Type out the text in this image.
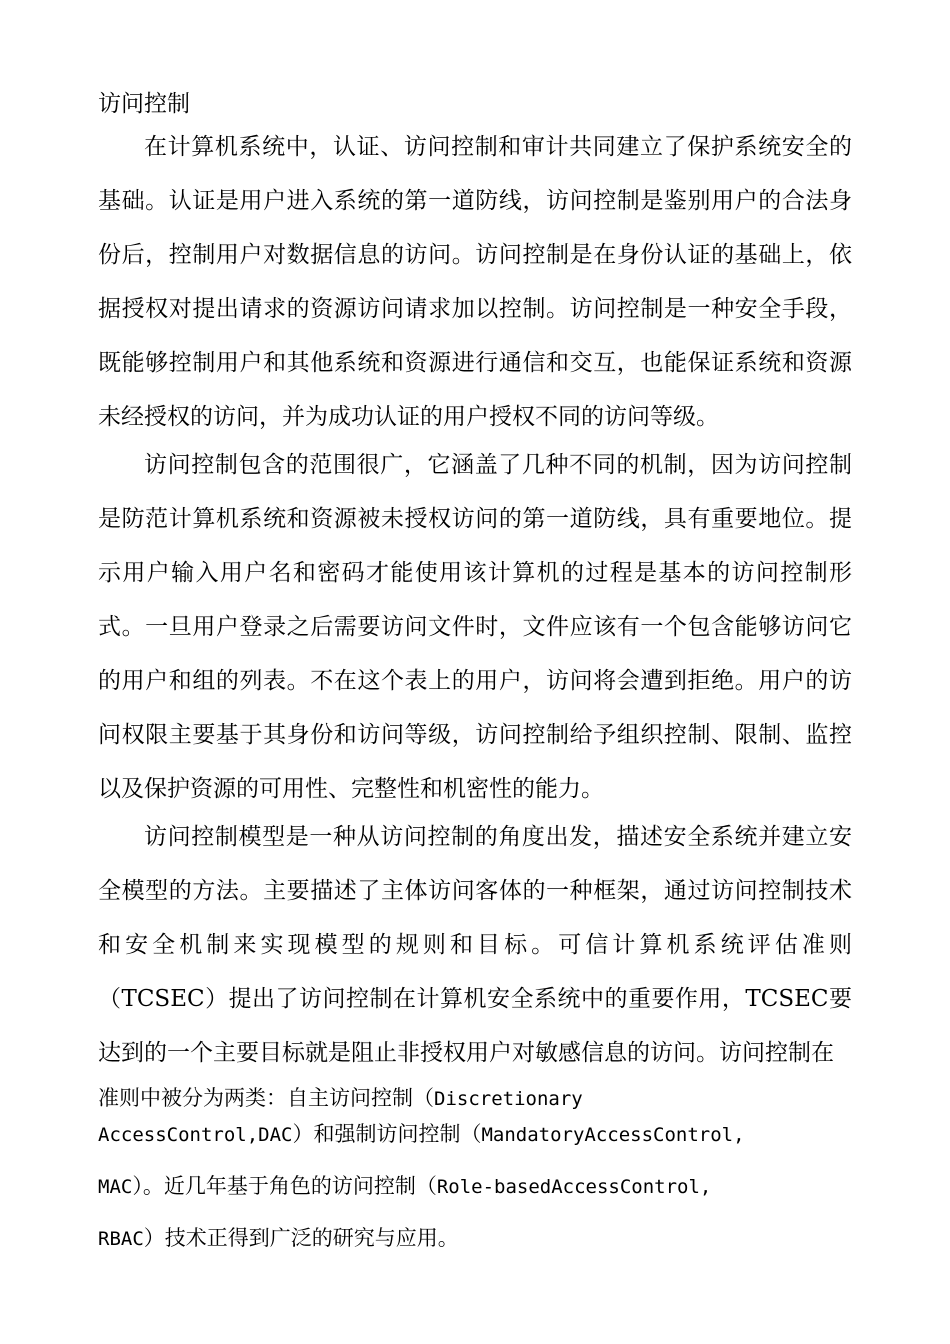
访问控制

在计算机系统中，认证、访问控制和审计共同建立了保护系统安全的基础。认证是用户进入系统的第一道防线，访问控制是鉴别用户的合法身份后，控制用户对数据信息的访问。访问控制是在身份认证的基础上，依据授权对提出请求的资源访问请求加以控制。访问控制是一种安全手段，既能够控制用户和其他系统和资源进行通信和交互，也能保证系统和资源未经授权的访问，并为成功认证的用户授权不同的访问等级。

访问控制包含的范围很广，它涵盖了几种不同的机制，因为访问控制是防范计算机系统和资源被未授权访问的第一道防线，具有重要地位。提示用户输入用户名和密码才能使用该计算机的过程是基本的访问控制形式。一旦用户登录之后需要访问文件时，文件应该有一个包含能够访问它的用户和组的列表。不在这个表上的用户，访问将会遭到拒绝。用户的访问权限主要基于其身份和访问等级，访问控制给予组织控制、限制、监控以及保护资源的可用性、完整性和机密性的能力。

访问控制模型是一种从访问控制的角度出发，描述安全系统并建立安全模型的方法。主要描述了主体访问客体的一种框架，通过访问控制技术和安全机制来实现模型的规则和目标。可信计算机系统评估准则（TCSEC）提出了访问控制在计算机安全系统中的重要作用，TCSEC要达到的一个主要目标就是阻止非授权用户对敏感信息的访问。访问控制在

准则中被分为两类：自主访问控制（Discretionary
AccessControl,DAC）和强制访问控制（MandatoryAccessControl,
MAC）。近几年基于角色的访问控制（Role-basedAccessControl,
RBAC）技术正得到广泛的研究与应用。
